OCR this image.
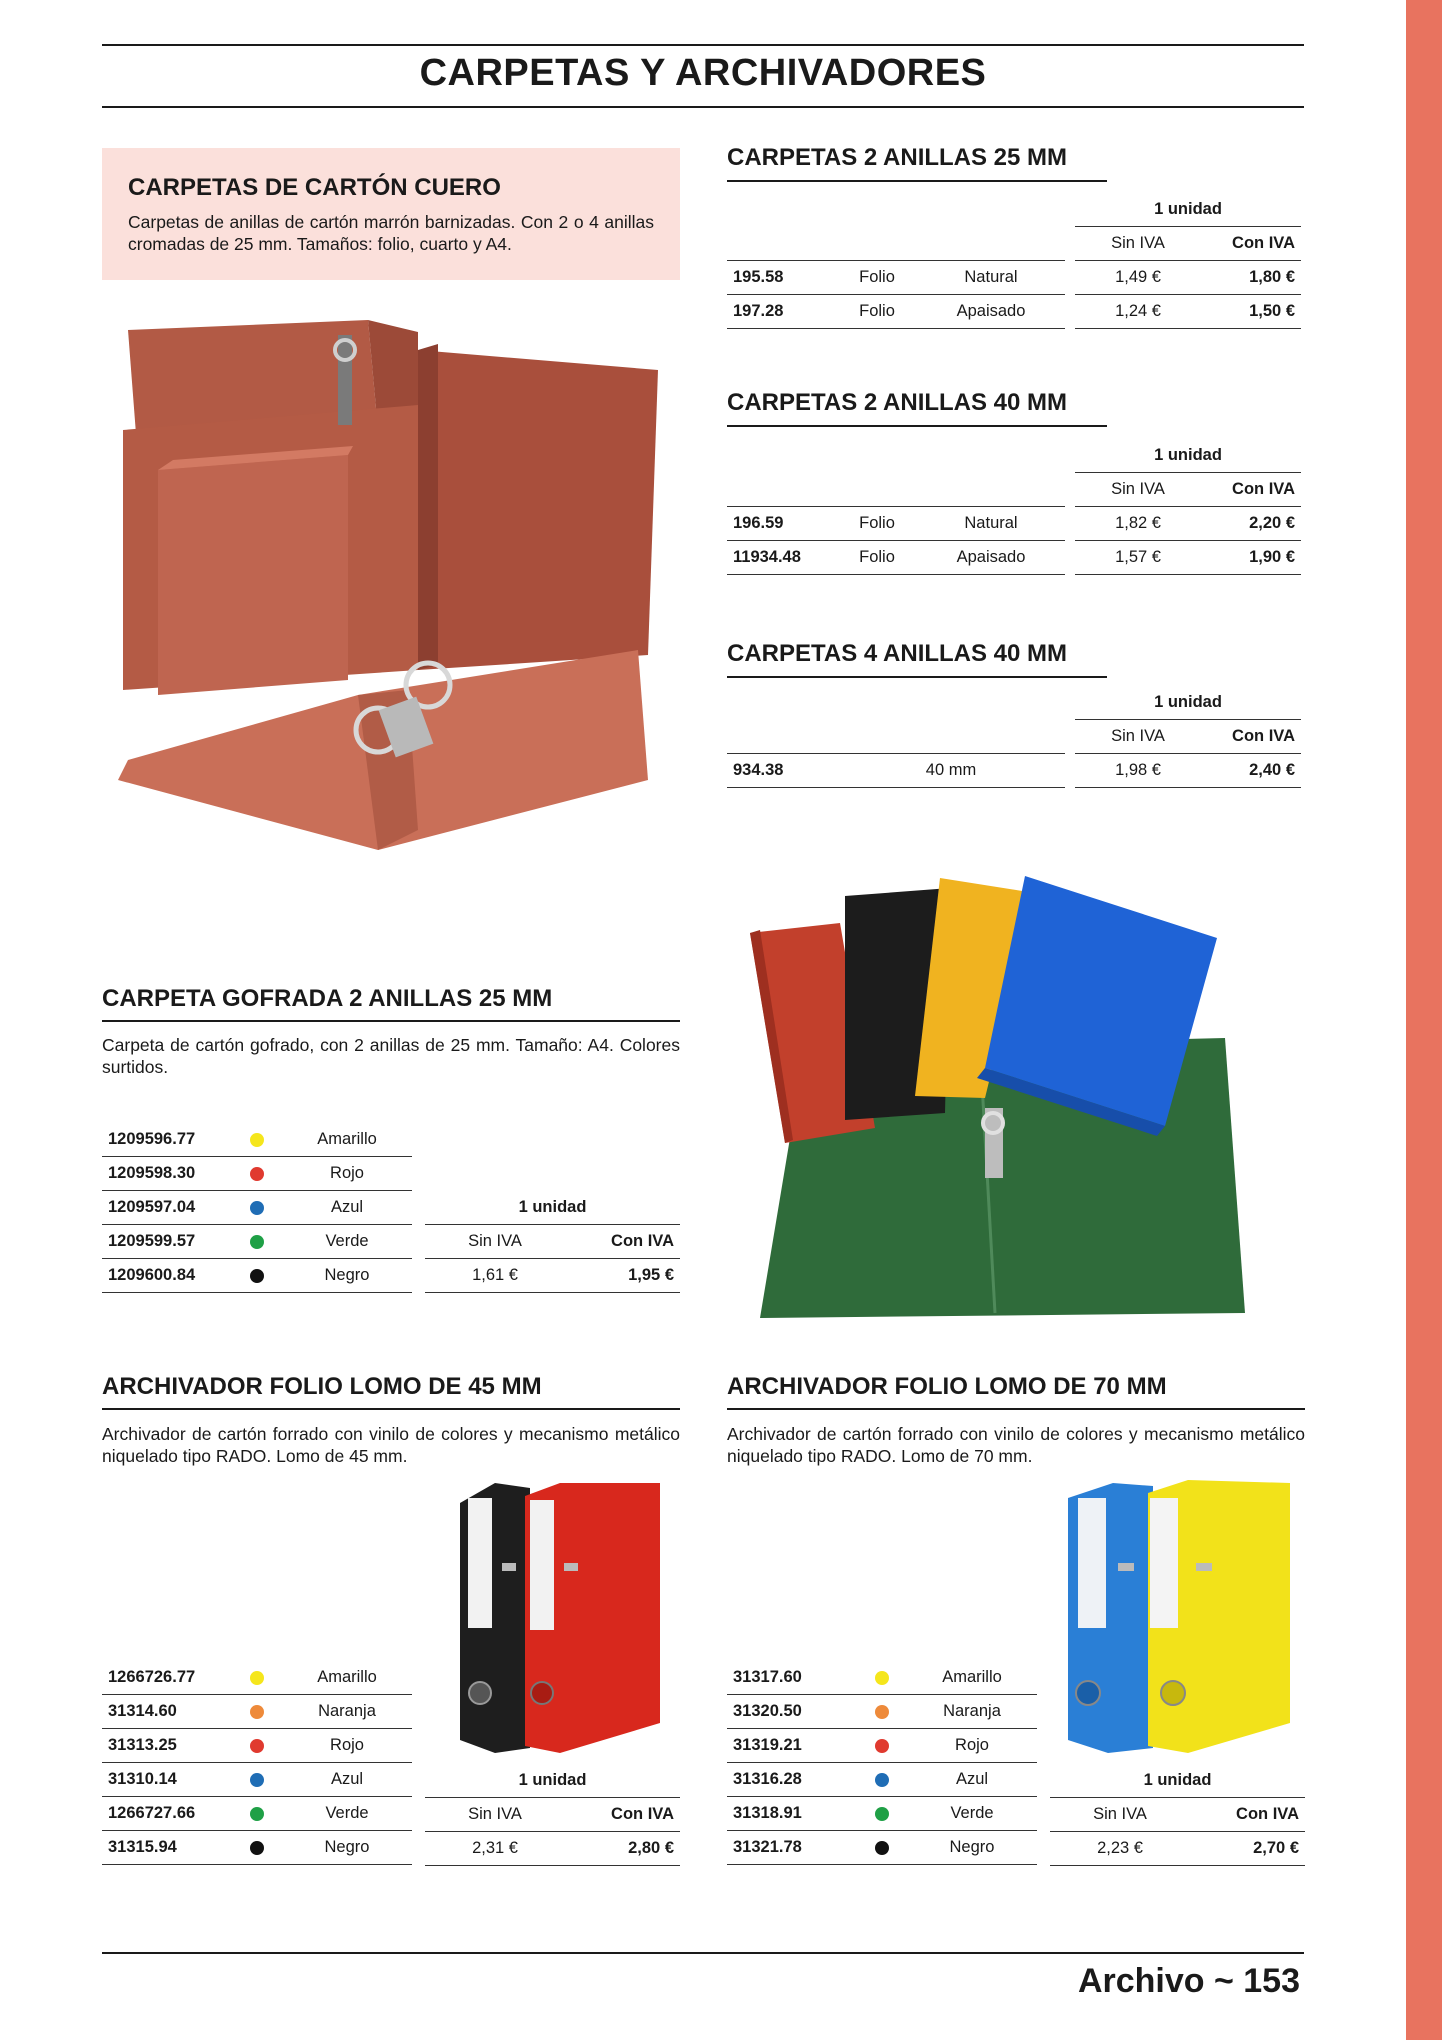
CARPETAS Y ARCHIVADORES
CARPETAS DE CARTÓN CUERO
Carpetas de anillas de cartón marrón barnizadas. Con 2 o 4 anillas cromadas de 25 mm. Tamaños: folio, cuarto y A4.
CARPETAS 2 ANILLAS 25 MM
				1 unidad	
				Sin IVA	Con IVA
195.58	Folio	Natural		1,49 €	1,80 €
197.28	Folio	Apaisado		1,24 €	1,50 €
CARPETAS 2 ANILLAS 40 MM
				1 unidad	
				Sin IVA	Con IVA
196.59	Folio	Natural		1,82 €	2,20 €
11934.48	Folio	Apaisado		1,57 €	1,90 €
CARPETAS 4 ANILLAS 40 MM
				1 unidad	
				Sin IVA	Con IVA
934.38	40 mm			1,98 €	2,40 €
CARPETA GOFRADA 2 ANILLAS 25 MM
Carpeta de cartón gofrado, con 2 anillas de 25 mm. Tamaño: A4. Colores surtidos.
1209596.77		Amarillo
1209598.30		Rojo
1209597.04		Azul
1209599.57		Verde
1209600.84		Negro
1 unidad	
Sin IVA	Con IVA
1,61 €	1,95 €
ARCHIVADOR FOLIO LOMO DE 45 MM
Archivador de cartón forrado con vinilo de colores y mecanismo metálico niquelado tipo RADO. Lomo de 45 mm.
1266726.77		Amarillo
31314.60		Naranja
31313.25		Rojo
31310.14		Azul
1266727.66		Verde
31315.94		Negro
1 unidad	
Sin IVA	Con IVA
2,31 €	2,80 €
ARCHIVADOR FOLIO LOMO DE 70 MM
Archivador de cartón forrado con vinilo de colores y mecanismo metálico niquelado tipo RADO. Lomo de 70 mm.
31317.60		Amarillo
31320.50		Naranja
31319.21		Rojo
31316.28		Azul
31318.91		Verde
31321.78		Negro
1 unidad	
Sin IVA	Con IVA
2,23 €	2,70 €
Archivo ~ 153
